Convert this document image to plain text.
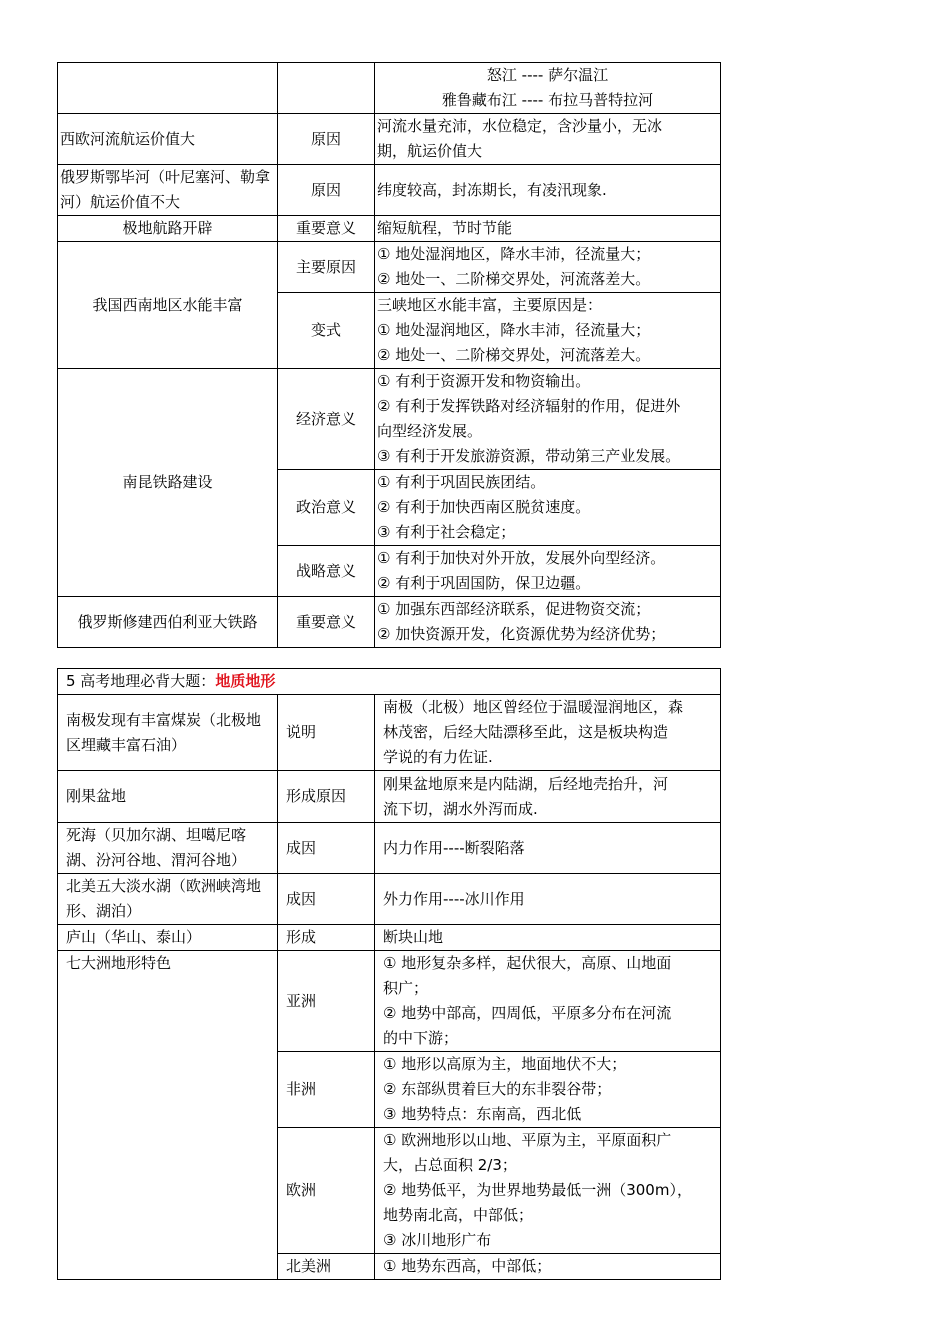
		怒江 ---- 萨尔温江
雅鲁藏布江 ---- 布拉马普特拉河

西欧河流航运价值大	原因	河流水量充沛，水位稳定，含沙量小，无冰
期，航运价值大

俄罗斯鄂毕河（叶尼塞河、勒拿河）航运价值不大	原因	纬度较高，封冻期长，有凌汛现象.

极地航路开辟	重要意义	缩短航程，节时节能

我国西南地区水能丰富	主要原因	① 地处湿润地区，降水丰沛，径流量大；
② 地处一、二阶梯交界处，河流落差大。

	变式	三峡地区水能丰富，主要原因是：
① 地处湿润地区，降水丰沛，径流量大；
② 地处一、二阶梯交界处，河流落差大。

南昆铁路建设	经济意义	① 有利于资源开发和物资输出。
② 有利于发挥铁路对经济辐射的作用，促进外
向型经济发展。
③ 有利于开发旅游资源，带动第三产业发展。

	政治意义	① 有利于巩固民族团结。
② 有利于加快西南区脱贫速度。
③ 有利于社会稳定；

	战略意义	① 有利于加快对外开放，发展外向型经济。
② 有利于巩固国防，保卫边疆。

俄罗斯修建西伯利亚大铁路	重要意义	① 加强东西部经济联系，促进物资交流；
② 加快资源开发，化资源优势为经济优势；
5 高考地理必背大题：地质地形		
南极发现有丰富煤炭（北极地区埋藏丰富石油）	说明	南极（北极）地区曾经位于温暖湿润地区，森
林茂密，后经大陆漂移至此，这是板块构造
学说的有力佐证.

刚果盆地	形成原因	刚果盆地原来是内陆湖，后经地壳抬升，河
流下切，湖水外泻而成.

死海（贝加尔湖、坦噶尼喀湖、汾河谷地、渭河谷地）	成因	内力作用----断裂陷落

北美五大淡水湖（欧洲峡湾地形、湖泊）	成因	外力作用----冰川作用

庐山（华山、泰山）	形成	断块山地

七大洲地形特色	亚洲	① 地形复杂多样，起伏很大，高原、山地面
积广；
② 地势中部高，四周低，平原多分布在河流
的中下游；

	非洲	① 地形以高原为主，地面地伏不大；
② 东部纵贯着巨大的东非裂谷带；
③ 地势特点：东南高，西北低

	欧洲	① 欧洲地形以山地、平原为主，平原面积广
大，占总面积 2/3；
② 地势低平，为世界地势最低一洲（300m），
地势南北高，中部低；
③ 冰川地形广布

	北美洲	① 地势东西高，中部低；
